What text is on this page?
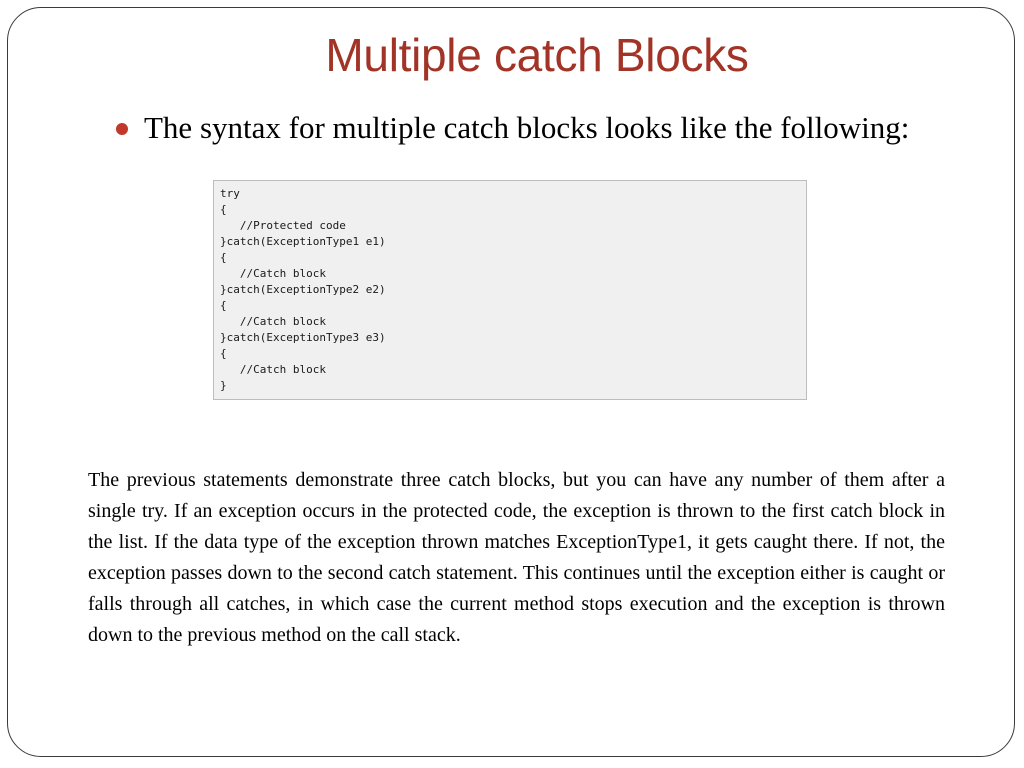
Multiple catch Blocks
The syntax for multiple catch blocks looks like the following:
try
{
//Protected code
}catch(ExceptionType1 e1)
{
//Catch block
}catch(ExceptionType2 e2)
{
//Catch block
}catch(ExceptionType3 e3)
{
//Catch block
}
The previous statements demonstrate three catch blocks, but you can have any number of them after a single try. If an exception occurs in the protected code, the exception is thrown to the first catch block in the list. If the data type of the exception thrown matches ExceptionType1, it gets caught there. If not, the exception passes down to the second catch statement. This continues until the exception either is caught or falls through all catches, in which case the current method stops execution and the exception is thrown down to the previous method on the call stack.
